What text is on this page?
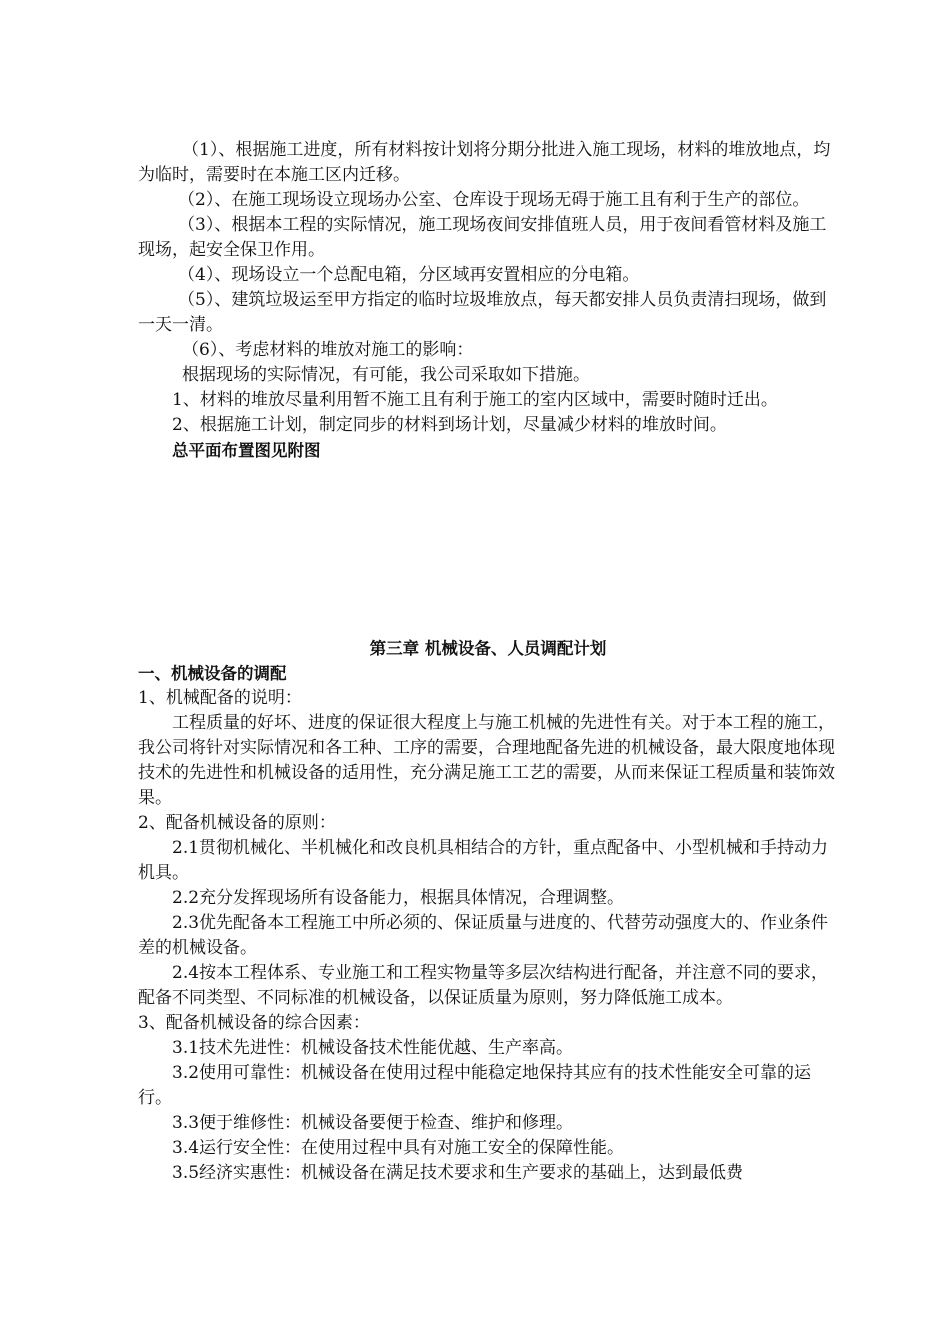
（1）、根据施工进度，所有材料按计划将分期分批进入施工现场，材料的堆放地点，均为临时，需要时在本施工区内迁移。

（2）、在施工现场设立现场办公室、仓库设于现场无碍于施工且有利于生产的部位。

（3）、根据本工程的实际情况，施工现场夜间安排值班人员，用于夜间看管材料及施工现场，起安全保卫作用。

（4）、现场设立一个总配电箱，分区域再安置相应的分电箱。

（5）、建筑垃圾运至甲方指定的临时垃圾堆放点，每天都安排人员负责清扫现场，做到一天一清。

（6）、考虑材料的堆放对施工的影响：

根据现场的实际情况，有可能，我公司采取如下措施。

1、材料的堆放尽量利用暂不施工且有利于施工的室内区域中，需要时随时迁出。

2、根据施工计划，制定同步的材料到场计划，尽量减少材料的堆放时间。

总平面布置图见附图

第三章 机械设备、人员调配计划

一、机械设备的调配

1、机械配备的说明：

工程质量的好坏、进度的保证很大程度上与施工机械的先进性有关。对于本工程的施工，我公司将针对实际情况和各工种、工序的需要，合理地配备先进的机械设备，最大限度地体现技术的先进性和机械设备的适用性，充分满足施工工艺的需要，从而来保证工程质量和装饰效果。

2、配备机械设备的原则：

2.1贯彻机械化、半机械化和改良机具相结合的方针，重点配备中、小型机械和手持动力机具。

2.2充分发挥现场所有设备能力，根据具体情况，合理调整。

2.3优先配备本工程施工中所必须的、保证质量与进度的、代替劳动强度大的、作业条件差的机械设备。

2.4按本工程体系、专业施工和工程实物量等多层次结构进行配备，并注意不同的要求，配备不同类型、不同标准的机械设备，以保证质量为原则，努力降低施工成本。

3、配备机械设备的综合因素：

3.1技术先进性：机械设备技术性能优越、生产率高。

3.2使用可靠性：机械设备在使用过程中能稳定地保持其应有的技术性能安全可靠的运行。

3.3便于维修性：机械设备要便于检查、维护和修理。

3.4运行安全性：在使用过程中具有对施工安全的保障性能。

3.5经济实惠性：机械设备在满足技术要求和生产要求的基础上，达到最低费
